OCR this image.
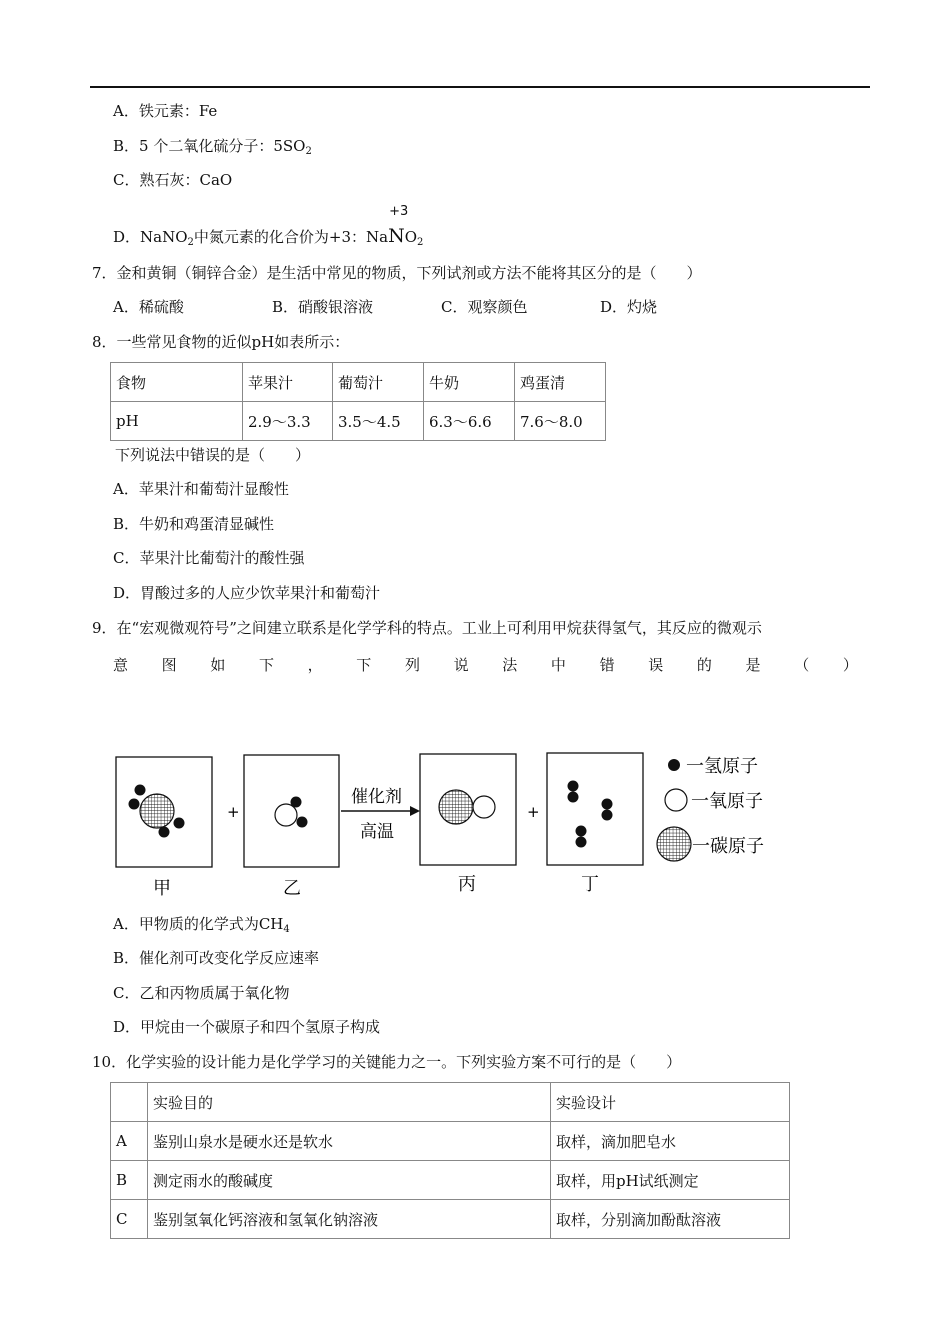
A．铁元素：Fe
B．5 个二氧化硫分子：$5SO_2$
C．熟石灰：CaO
D．NaNO$_2$中氮元素的化合价为+3：Na
+3
$NO_2$
7．金和黄铜（铜锌合金）是生活中常见的物质，下列试剂或方法不能将其区分的是（　　）
A．稀硫酸	B．硝酸银溶液	C．观察颜色	D．灼烧
8．一些常见食物的近似pH如表所示：
食物	苹果汁	葡萄汁	牛奶	鸡蛋清
pH	2.9～3.3	3.5～4.5	6.3～6.6	7.6～8.0
下列说法中错误的是（　　）
A．苹果汁和葡萄汁显酸性
B．牛奶和鸡蛋清显碱性
C．苹果汁比葡萄汁的酸性强
D．胃酸过多的人应少饮苹果汁和葡萄汁
9．在“宏观微观符号”之间建立联系是化学学科的特点。工业上可利用甲烷获得氢气，其反应的微观示
意 图 如 下 ， 下 列 说 法 中 错 误 的 是 （ ）
+
催化剂
高温
+
甲	乙	丙	丁
一氢原子
一氧原子
一碳原子
A．甲物质的化学式为$CH_4$
B．催化剂可改变化学反应速率
C．乙和丙物质属于氧化物
D．甲烷由一个碳原子和四个氢原子构成
10．化学实验的设计能力是化学学习的关键能力之一。下列实验方案不可行的是（　　）
	实验目的	实验设计
A	鉴别山泉水是硬水还是软水	取样，滴加肥皂水
B	测定雨水的酸碱度	取样，用pH试纸测定
C	鉴别氢氧化钙溶液和氢氧化钠溶液	取样，分别滴加酚酞溶液
